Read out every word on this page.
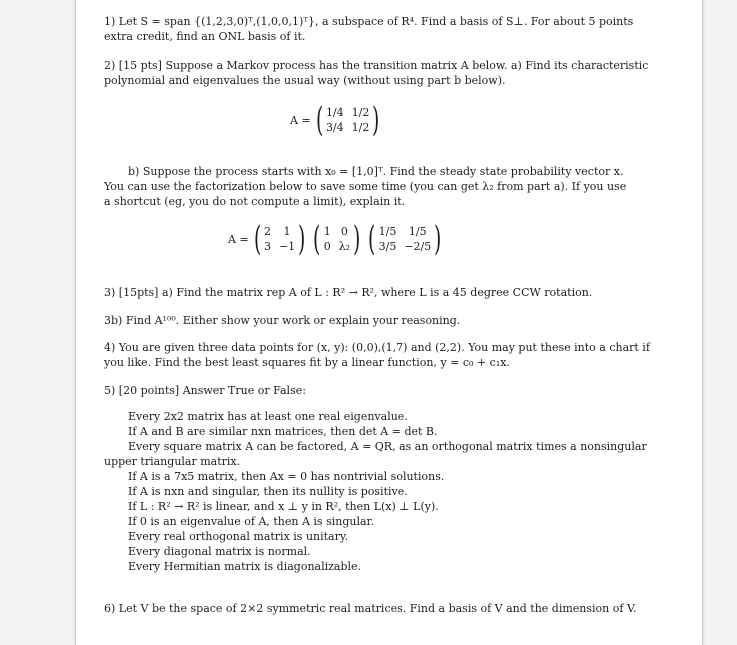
1) Let S = span {(1,2,3,0)ᵀ,(1,0,0,1)ᵀ}, a subspace of R⁴. Find a basis of S⊥. For about 5 points extra credit, find an ONL basis of it.
2) [15 pts] Suppose a Markov process has the transition matrix A below. a) Find its characteristic polynomial and eigenvalues the usual way (without using part b below).
A = ( 1/4 1/2
3/4 1/2 )
b) Suppose the process starts with x₀ = [1,0]ᵀ. Find the steady state probability vector x. You can use the factorization below to save some time (you can get λ₂ from part a). If you use a shortcut (eg, you do not compute a limit), explain it.
A = ( 2	1
3 −1 ) ( 1 0
0 λ₂ ) ( 1/5	1/5
3/5 −2/5 )
3) [15pts] a) Find the matrix rep A of L : R² → R², where L is a 45 degree CCW rotation.
3b) Find A¹⁰⁰. Either show your work or explain your reasoning.
4) You are given three data points for (x, y): (0,0),(1,7) and (2,2). You may put these into a chart if you like. Find the best least squares fit by a linear function, y = c₀ + c₁x.
5) [20 points] Answer True or False:
Every 2x2 matrix has at least one real eigenvalue.
If A and B are similar nxn matrices, then det A = det B.
Every square matrix A can be factored, A = QR, as an orthogonal matrix times a nonsingular upper triangular matrix.
If A is a 7x5 matrix, then Ax = 0 has nontrivial solutions.
If A is nxn and singular, then its nullity is positive.
If L : R² → R² is linear, and x ⊥ y in R², then L(x) ⊥ L(y).
If 0 is an eigenvalue of A, then A is singular.
Every real orthogonal matrix is unitary.
Every diagonal matrix is normal.
Every Hermitian matrix is diagonalizable.
6) Let V be the space of 2×2 symmetric real matrices. Find a basis of V and the dimension of V.
